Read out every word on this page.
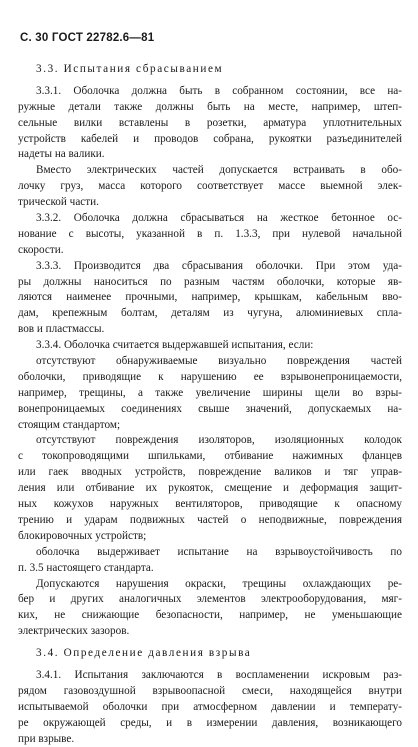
С. 30 ГОСТ 22782.6—81
3.3. Испытания сбрасыванием
3.3.1. Оболочка должна быть в собранном состоянии, все на-
ружные детали также должны быть на месте, например, штеп-
сельные вилки вставлены в розетки, арматура уплотнительных
устройств кабелей и проводов собрана, рукоятки разъединителей
надеты на валики.
Вместо электрических частей допускается встраивать в обо-
лочку груз, масса которого соответствует массе выемной элек-
трической части.
3.3.2. Оболочка должна сбрасываться на жесткое бетонное ос-
нование с высоты, указанной в п. 1.3.3, при нулевой начальной
скорости.
3.3.3. Производится два сбрасывания оболочки. При этом уда-
ры должны наноситься по разным частям оболочки, которые яв-
ляются наименее прочными, например, крышкам, кабельным вво-
дам, крепежным болтам, деталям из чугуна, алюминиевых спла-
вов и пластмассы.
3.3.4. Оболочка считается выдержавшей испытания, если:
отсутствуют обнаруживаемые визуально повреждения частей
оболочки, приводящие к нарушению ее взрывонепроницаемости,
например, трещины, а также увеличение ширины щели во взры-
вонепроницаемых соединениях свыше значений, допускаемых на-
стоящим стандартом;
отсутствуют повреждения изоляторов, изоляционных колодок
с токопроводящими шпильками, отбивание нажимных фланцев
или гаек вводных устройств, повреждение валиков и тяг управ-
ления или отбивание их рукояток, смещение и деформация защит-
ных кожухов наружных вентиляторов, приводящие к опасному
трению и ударам подвижных частей о неподвижные, повреждения
блокировочных устройств;
оболочка выдерживает испытание на взрывоустойчивость по
п. 3.5 настоящего стандарта.
Допускаются нарушения окраски, трещины охлаждающих ре-
бер и других аналогичных элементов электрооборудования, мяг-
ких, не снижающие безопасности, например, не уменьшающие
электрических зазоров.
3.4. Определение давления взрыва
3.4.1. Испытания заключаются в воспламенении искровым раз-
рядом газовоздушной взрывоопасной смеси, находящейся внутри
испытываемой оболочки при атмосферном давлении и температу-
ре окружающей среды, и в измерении давления, возникающего
при взрыве.
